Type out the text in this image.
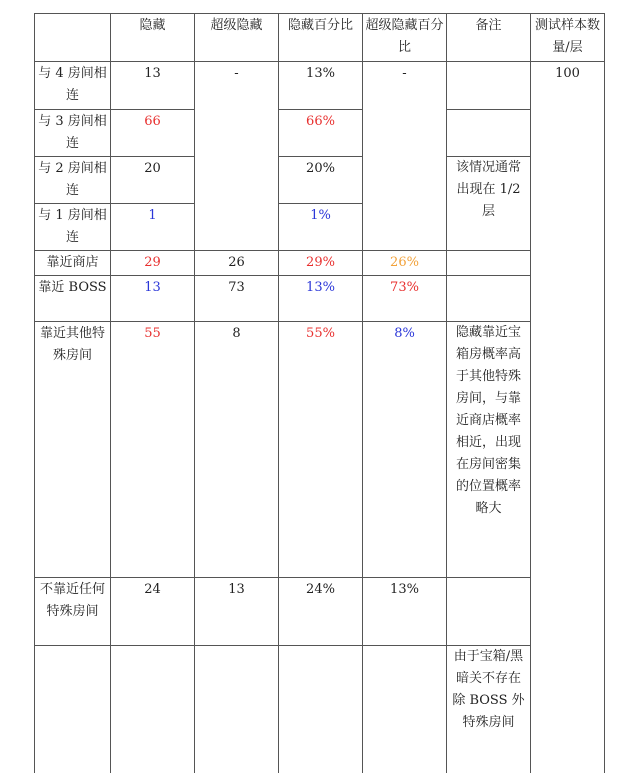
	隐藏	超级隐藏	隐藏百分比	超级隐藏百分比	备注	测试样本数量/层
与 4 房间相连	13	-	13%	-		100
与 3 房间相连	66		66%			
与 2 房间相连	20		20%		该情况通常出现在 1/2 层	
与 1 房间相连	1		1%			
靠近商店	29	26	29%	26%		
靠近 BOSS	13	73	13%	73%		
靠近其他特殊房间	55	8	55%	8%	隐藏靠近宝箱房概率高于其他特殊房间，与靠近商店概率相近，出现在房间密集的位置概率略大	
不靠近任何特殊房间	24	13	24%	13%		
					由于宝箱/黑暗关不存在除 BOSS 外特殊房间	
